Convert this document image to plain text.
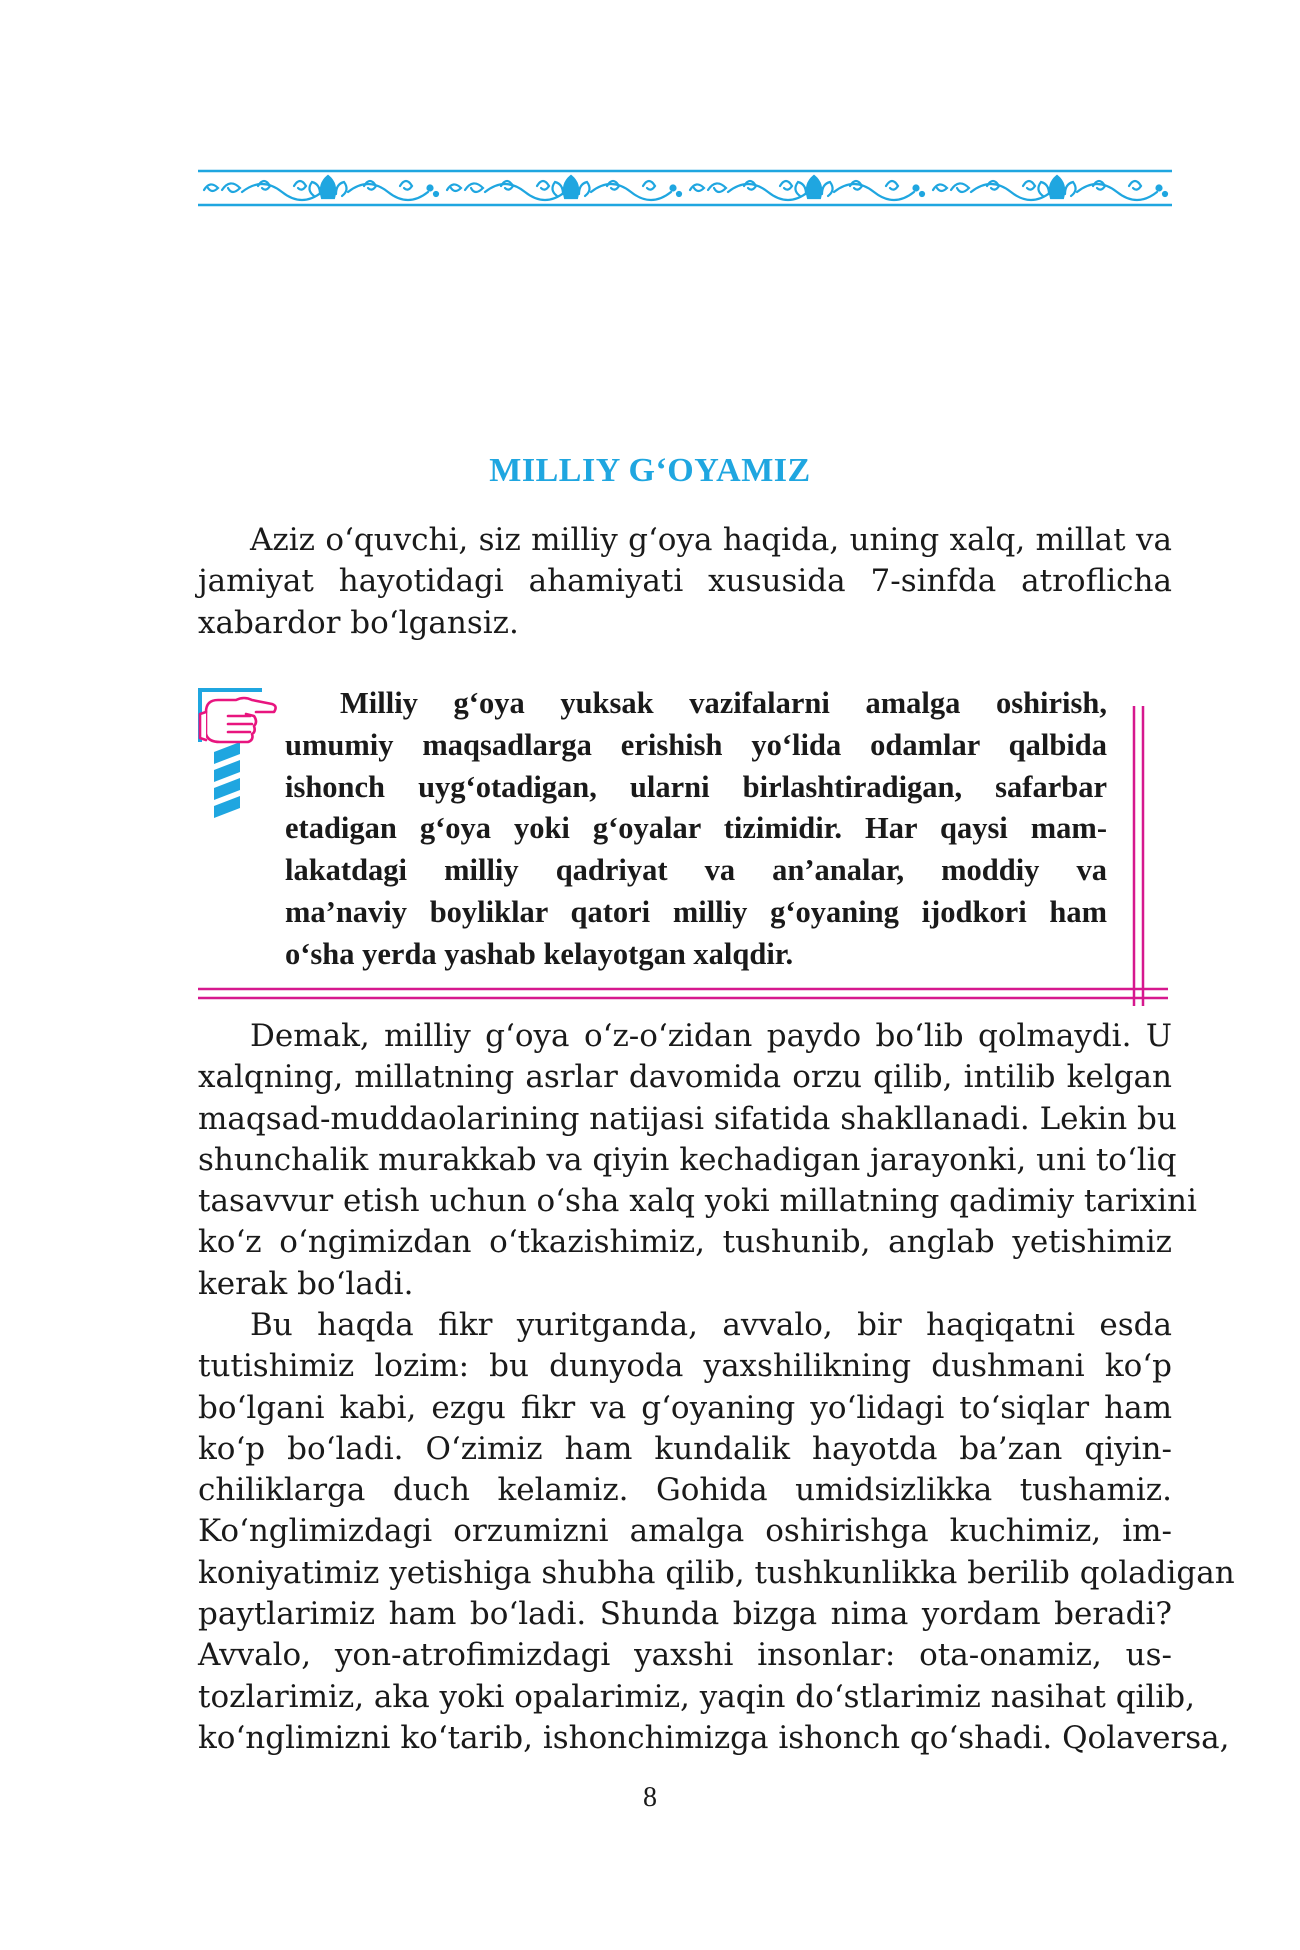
MILLIY G‘OYAMIZ
Aziz o‘quvchi, siz milliy g‘oya haqida, uning xalq, millat va
jamiyat hayotidagi ahamiyati xususida 7-sinfda atroflicha
xabardor bo‘lgansiz.
Milliy g‘oya yuksak vazifalarni amalga oshirish,
umumiy maqsadlarga erishish yo‘lida odamlar qalbida
ishonch uyg‘otadigan, ularni birlashtiradigan, safarbar
etadigan g‘oya yoki g‘oyalar tizimidir. Har qaysi mam-
lakatdagi milliy qadriyat va an’analar, moddiy va
ma’naviy boyliklar qatori milliy g‘oyaning ijodkori ham
o‘sha yerda yashab kelayotgan xalqdir.
Demak, milliy g‘oya o‘z-o‘zidan paydo bo‘lib qolmaydi. U
xalqning, millatning asrlar davomida orzu qilib, intilib kelgan
maqsad-muddaolarining natijasi sifatida shakllanadi. Lekin bu
shunchalik murakkab va qiyin kechadigan jarayonki, uni to‘liq
tasavvur etish uchun o‘sha xalq yoki millatning qadimiy tarixini
ko‘z o‘ngimizdan o‘tkazishimiz, tushunib, anglab yetishimiz
kerak bo‘ladi.
Bu haqda fikr yuritganda, avvalo, bir haqiqatni esda
tutishimiz lozim: bu dunyoda yaxshilikning dushmani ko‘p
bo‘lgani kabi, ezgu fikr va g‘oyaning yo‘lidagi to‘siqlar ham
ko‘p bo‘ladi. O‘zimiz ham kundalik hayotda ba’zan qiyin-
chiliklarga duch kelamiz. Gohida umidsizlikka tushamiz.
Ko‘nglimizdagi orzumizni amalga oshirishga kuchimiz, im-
koniyatimiz yetishiga shubha qilib, tushkunlikka berilib qoladigan
paytlarimiz ham bo‘ladi. Shunda bizga nima yordam beradi?
Avvalo, yon-atrofimizdagi yaxshi insonlar: ota-onamiz, us-
tozlarimiz, aka yoki opalarimiz, yaqin do‘stlarimiz nasihat qilib,
ko‘nglimizni ko‘tarib, ishonchimizga ishonch qo‘shadi. Qolaversa,
8
